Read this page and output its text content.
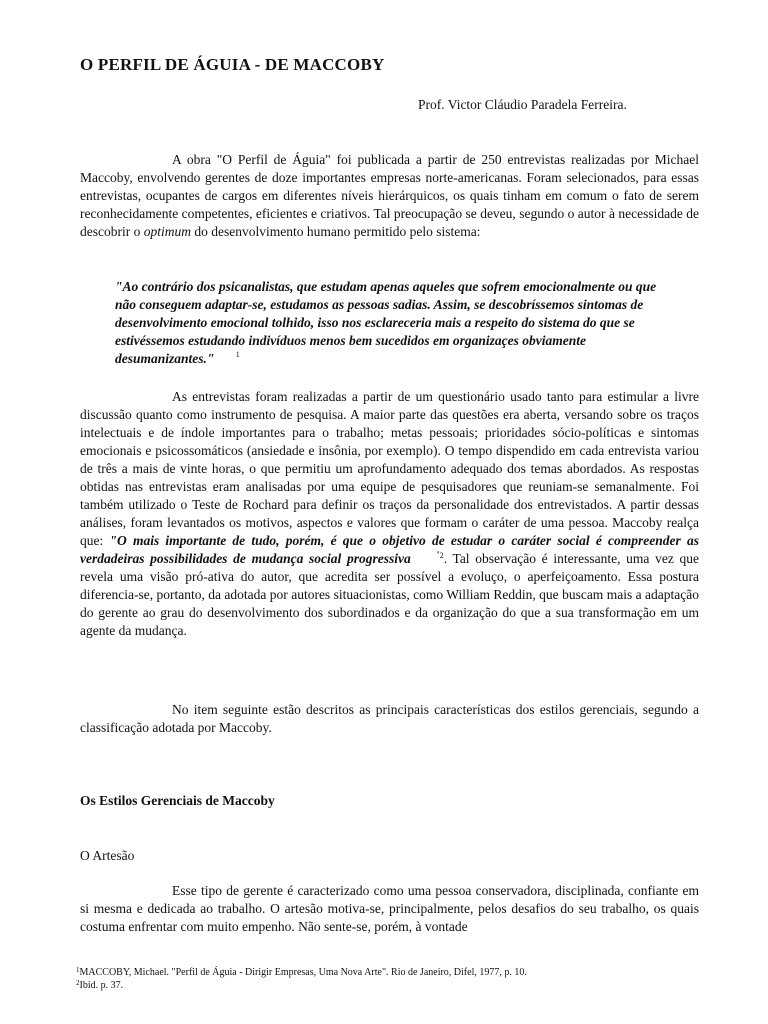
O PERFIL DE ÁGUIA - DE MACCOBY
Prof. Victor Cláudio Paradela Ferreira.

A obra "O Perfil de Águia" foi publicada a partir de 250 entrevistas realizadas por Michael Maccoby, envolvendo gerentes de doze importantes empresas norte-americanas. Foram selecionados, para essas entrevistas, ocupantes de cargos em diferentes níveis hierárquicos, os quais tinham em comum o fato de serem reconhecidamente competentes, eficientes e criativos. Tal preocupação se deveu, segundo o autor à necessidade de descobrir o optimum do desenvolvimento humano permitido pelo sistema:

"Ao contrário dos psicanalistas, que estudam apenas aqueles que sofrem emocionalmente ou que não conseguem adaptar-se, estudamos as pessoas sadias. Assim, se descobríssemos sintomas de desenvolvimento emocional tolhido, isso nos esclareceria mais a respeito do sistema do que se estivéssemos estudando indivíduos menos bem sucedidos em organizaçes obviamente desumanizantes."	$^1$

As entrevistas foram realizadas a partir de um questionário usado tanto para estimular a livre discussão quanto como instrumento de pesquisa. A maior parte das questões era aberta, versando sobre os traços intelectuais e de índole importantes para o trabalho; metas pessoais; prioridades sócio-políticas e sintomas emocionais e psicossomáticos (ansiedade e insônia, por exemplo). O tempo dispendido em cada entrevista variou de três a mais de vinte horas, o que permitiu um aprofundamento adequado dos temas abordados. As respostas obtidas nas entrevistas eram analisadas por uma equipe de pesquisadores que reuniam-se semanalmente. Foi também utilizado o Teste de Rochard para definir os traços da personalidade dos entrevistados. A partir dessas análises, foram levantados os motivos, aspectos e valores que formam o caráter de uma pessoa. Maccoby realça que: "O mais importante de tudo, porém, é que o objetivo de estudar o caráter social é compreender as verdadeiras possibilidades de mudança social progressiva	$^{"2}$. Tal observação é interessante, uma vez que revela uma visão pró-ativa do autor, que acredita ser possível a evoluço, o aperfeiçoamento. Essa postura diferencia-se, portanto, da adotada por autores situacionistas, como William Reddin, que buscam mais a adaptação do gerente ao grau do desenvolvimento dos subordinados e da organização do que a sua transformação em um agente da mudança.

No item seguinte estão descritos as principais características dos estilos gerenciais, segundo a classificação adotada por Maccoby.

Os Estilos Gerenciais de Maccoby
O Artesão

Esse tipo de gerente é caracterizado como uma pessoa conservadora, disciplinada, confiante em si mesma e dedicada ao trabalho. O artesão motiva-se, principalmente, pelos desafios do seu trabalho, os quais costuma enfrentar com muito empenho. Não sente-se, porém, à vontade

$^1$MACCOBY, Michael. "Perfil de Águia - Dirigir Empresas, Uma Nova Arte". Rio de Janeiro, Difel, 1977, p. 10.
$^2$Ibid. p. 37.
